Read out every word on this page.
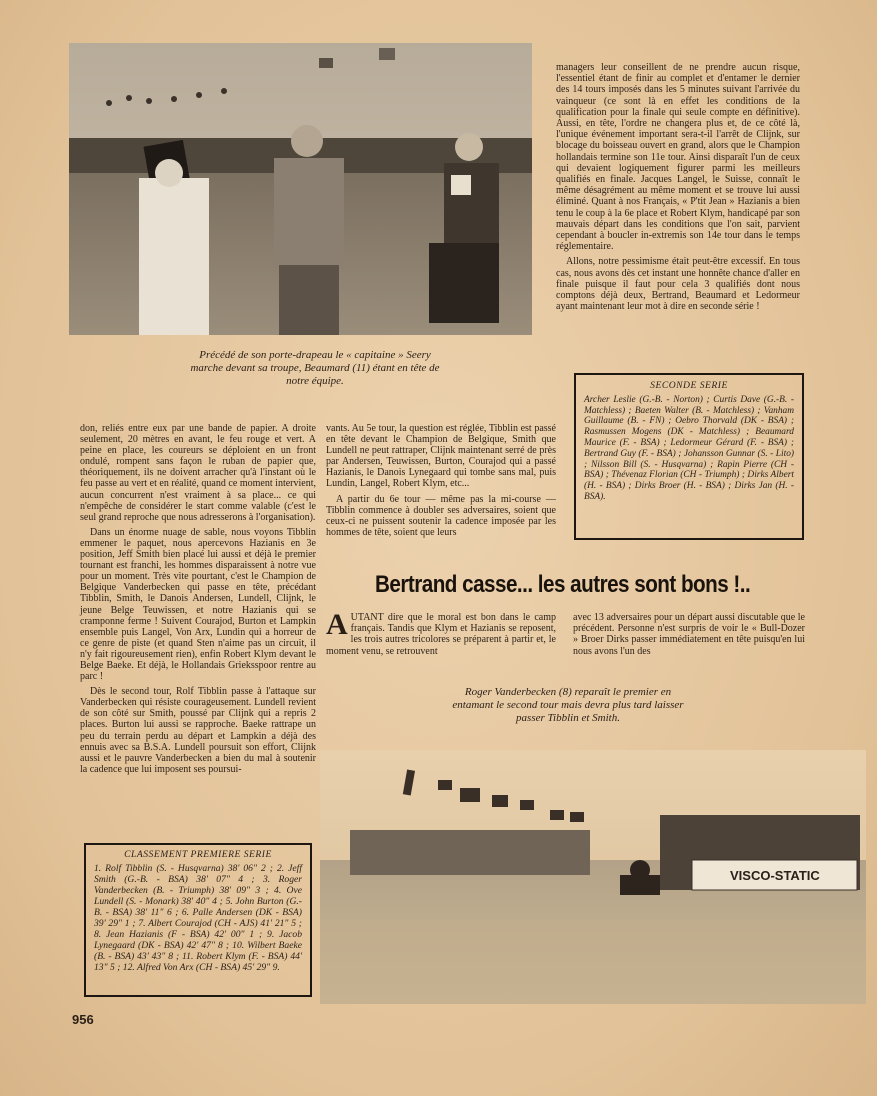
Précédé de son porte-drapeau le « capitaine » Seery marche devant sa troupe, Beaumard (11) étant en tête de notre équipe.

managers leur conseillent de ne prendre aucun risque, l'essentiel étant de finir au complet et d'entamer le dernier des 14 tours imposés dans les 5 minutes suivant l'arrivée du vainqueur (ce sont là en effet les conditions de la qualification pour la finale qui seule compte en définitive). Aussi, en tête, l'ordre ne changera plus et, de ce côté là, l'unique événement important sera-t-il l'arrêt de Clijnk, sur blocage du boisseau ouvert en grand, alors que le Champion hollandais termine son 11e tour. Ainsi disparaît l'un de ceux qui devaient logiquement figurer parmi les meilleurs qualifiés en finale. Jacques Langel, le Suisse, connaît le même désagrément au même moment et se trouve lui aussi éliminé. Quant à nos Français, « P'tit Jean » Hazianis a bien tenu le coup à la 6e place et Robert Klym, handicapé par son mauvais départ dans les conditions que l'on sait, parvient cependant à boucler in-extremis son 14e tour dans le temps réglementaire.

Allons, notre pessimisme était peut-être excessif. En tous cas, nous avons dès cet instant une honnête chance d'aller en finale puisque il faut pour cela 3 qualifiés dont nous comptons déjà deux, Bertrand, Beaumard et Ledormeur ayant maintenant leur mot à dire en seconde série !

SECONDE SERIE
Archer Leslie (G.-B. - Norton) ; Curtis Dave (G.-B. - Matchless) ; Baeten Walter (B. - Matchless) ; Vanham Guillaume (B. - FN) ; Oebro Thorvald (DK - BSA) ; Rasmussen Mogens (DK - Matchless) ; Beaumard Maurice (F. - BSA) ; Ledormeur Gérard (F. - BSA) ; Bertrand Guy (F. - BSA) ; Johansson Gunnar (S. - Lito) ; Nilsson Bill (S. - Husqvarna) ; Rapin Pierre (CH - BSA) ; Thévenaz Florian (CH - Triumph) ; Dirks Albert (H. - BSA) ; Dirks Broer (H. - BSA) ; Dirks Jan (H. - BSA).

don, reliés entre eux par une bande de papier. A droite seulement, 20 mètres en avant, le feu rouge et vert. A peine en place, les coureurs se déploient en un front ondulé, rompent sans façon le ruban de papier que, théoriquement, ils ne doivent arracher qu'à l'instant où le feu passe au vert et en réalité, quand ce moment intervient, aucun concurrent n'est vraiment à sa place... ce qui n'empêche de considérer le start comme valable (c'est le seul grand reproche que nous adresserons à l'organisation).

Dans un énorme nuage de sable, nous voyons Tibblin emmener le paquet, nous apercevons Hazianis en 3e position, Jeff Smith bien placé lui aussi et déjà le premier tournant est franchi, les hommes disparaissent à notre vue pour un moment. Très vite pourtant, c'est le Champion de Belgique Vanderbecken qui passe en tête, précédant Tibblin, Smith, le Danois Andersen, Lundell, Clijnk, le jeune Belge Teuwissen, et notre Hazianis qui se cramponne ferme ! Suivent Courajod, Burton et Lampkin ensemble puis Langel, Von Arx, Lundin qui a horreur de ce genre de piste (et quand Sten n'aime pas un circuit, il n'y fait rigoureusement rien), enfin Robert Klym devant le Belge Baeke. Et déjà, le Hollandais Grieksspoor rentre au parc !

Dès le second tour, Rolf Tibblin passe à l'attaque sur Vanderbecken qui résiste courageusement. Lundell revient de son côté sur Smith, poussé par Clijnk qui a repris 2 places. Burton lui aussi se rapproche. Baeke rattrape un peu du terrain perdu au départ et Lampkin a déjà des ennuis avec sa B.S.A. Lundell poursuit son effort, Clijnk aussi et le pauvre Vanderbecken a bien du mal à soutenir la cadence que lui imposent ses poursui-

vants. Au 5e tour, la question est réglée, Tibblin est passé en tête devant le Champion de Belgique, Smith que Lundell ne peut rattraper, Clijnk maintenant serré de près par Andersen, Teuwissen, Burton, Courajod qui a passé Hazianis, le Danois Lynegaard qui tombe sans mal, puis Lundin, Langel, Robert Klym, etc...

A partir du 6e tour — même pas la mi-course — Tibblin commence à doubler ses adversaires, soient que ceux-ci ne puissent soutenir la cadence imposée par les hommes de tête, soient que leurs

Bertrand casse... les autres sont bons !..
A UTANT dire que le moral est bon dans le camp français. Tandis que Klym et Hazianis se reposent, les trois autres tricolores se préparent à partir et, le moment venu, se retrouvent
avec 13 adversaires pour un départ aussi discutable que le précédent. Personne n'est surpris de voir le « Bull-Dozer » Broer Dirks passer immédiatement en tête puisqu'en lui nous avons l'un des
Roger Vanderbecken (8) reparaît le premier en entamant le second tour mais devra plus tard laisser passer Tibblin et Smith.
VISCO-STATIC
CLASSEMENT PREMIERE SERIE
1. Rolf Tibblin (S. - Husqvarna) 38' 06" 2 ; 2. Jeff Smith (G.-B. - BSA) 38' 07" 4 ; 3. Roger Vanderbecken (B. - Triumph) 38' 09" 3 ; 4. Ove Lundell (S. - Monark) 38' 40" 4 ; 5. John Burton (G.-B. - BSA) 38' 11" 6 ; 6. Palle Andersen (DK - BSA) 39' 29" 1 ; 7. Albert Courajod (CH - AJS) 41' 21" 5 ; 8. Jean Hazianis (F - BSA) 42' 00" 1 ; 9. Jacob Lynegaard (DK - BSA) 42' 47" 8 ; 10. Wilbert Baeke (B. - BSA) 43' 43" 8 ; 11. Robert Klym (F. - BSA) 44' 13" 5 ; 12. Alfred Von Arx (CH - BSA) 45' 29" 9.
956
